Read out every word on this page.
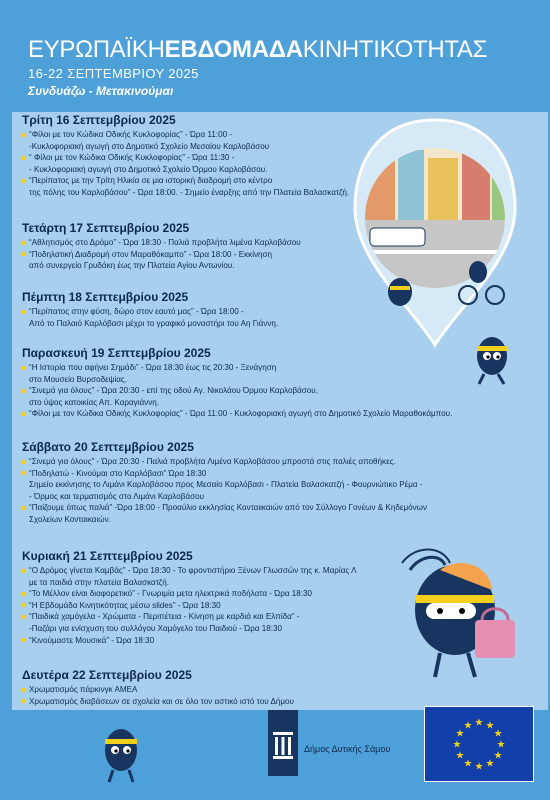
ΕΥΡΩΠΑΪΚΗΕΒΔΟΜΑΔΑΚΙΝΗΤΙΚΟΤΗΤΑΣ
16-22 ΣΕΠΤΕΜΒΡΙΟΥ 2025
Συνδυάζω - Μετακινούμαι
Τρίτη 16 Σεπτεμβρίου 2025
“Φίλοι με τον Κώδικα Οδικής Κυκλοφορίας” - Ώρα 11:00 -
-Κυκλοφοριακή αγωγή στο Δημοτικό Σχολείο Μεσαίου Καρλοβάσου
“ Φίλοι με τον Κώδικα Οδικής Κυκλοφορίας” - Ώρα 11:30 -
- Κυκλοφοριακή αγωγή στο Δημοτικό Σχολείο Όρμου Καρλοβάσου.
“Περίπατος με την Τρίτη Ηλικία σε μια ιστορική διαδρομή στο κέντρο
της πόλης του Καρλοβάσου” - Ώρα 18:00. - Σημείο έναρξης από την Πλατεία Βαλασκατζή.
Τετάρτη 17 Σεπτεμβρίου 2025
“Αθλητισμός στο Δρόμο” - Ώρα 18:30 - Παλιά προβλήτα λιμένα Καρλοβάσου
“Ποδηλατική Διαδρομή στον Μαραθόκαμπο” - Ώρα 18:00 - Εκκίνηση
από συνεργείο Γρυδάκη έως την Πλατεία Αγίου Αντωνίου.
Πέμπτη 18 Σεπτεμβρίου 2025
“Περίπατος στην φύση, δώρο στον εαυτό μας” - Ώρα 18:00 -
Από το Παλαιό Καρλόβασι μέχρι το γραφικό μοναστήρι του Αη Γιάννη.
Παρασκευή 19 Σεπτεμβρίου 2025
“Η Ιστορία που αφήνει Σημάδι” - Ώρα 18:30 έως τις 20:30 - Ξενάγηση
στο Μουσείο Βυρσοδεψίας.
“Σινεμά για όλους” - Ώρα 20:30 - επί της οδού Αγ. Νικολάου Όρμου Καρλοβάσου,
στο ύψος κατοικίας Απ. Καραγιάννη.
“Φίλοι με τον Κώδικα Οδικής Κυκλοφορίας” - Ώρα 11:00 - Κυκλοφοριακή αγωγή στο Δημοτικό Σχολείο Μαραθοκάμπου.
Σάββατο 20 Σεπτεμβρίου 2025
“Σινεμά για όλους” - Ώρα 20:30 - Παλιά προβλήτα Λιμένα Καρλοβάσου μπροστά στις παλιές αποθήκες.
“Ποδηλατώ - Κινούμαι στο Καρλόβασι” Ώρα 18:30
Σημείο εκκίνησης το Λιμάνι Καρλοβάσου προς Μεσαίο Καρλόβασι - Πλατεία Βαλασκατζή - Φουρνιώτικο Ρέμα -
- Όρμος και τερματισμός στο Λιμάνι Καρλοβάσου
“Παίζουμε όπως παλιά” -Ώρα 18:00 - Προαύλιο εκκλησίας Κονταιικαιών από τον Σύλλογο Γονέων & Κηδεμόνων
Σχολείων Κονταικαιών.
Κυριακή 21 Σεπτεμβρίου 2025
“Ο Δρόμος γίνεται Καμβάς” - Ώρα 18:30 - Το φροντιστήριο Ξένων Γλωσσών της κ. Μαρίας Λ
με τα παιδιά στην πλατεία Βαλασκατζή.
“Το Μέλλον είναι διαφορετικό” - Γνωριμία μετα ηλεκτρικά ποδήλατα - Ώρα 18:30
“Η Εβδομάδα Κινητικότητας μέσω slides” - Ώρα 18:30
“Παιδικά χαμόγελα - Χρώματα - Περιπέτεια - Κίνηση με καρδιά και Ελπίδα” -
-Παζάρι για ενίσχυση του συλλόγου Χαμόγελο του Παιδιού - Ώρα 18:30
“Κινούμαστε Μουσικά” - Ώρα 18:30
Δευτέρα 22 Σεπτεμβρίου 2025
Χρωματισμός πάρκινγκ ΑΜΕΑ
Χρωματισμός διαβάσεων σε σχολεία και σε όλο τον αστικό ιστό του Δήμου
Δήμος Δυτικής Σάμου
★ ★
★
★
★
★
★
★
★
★
★
★
